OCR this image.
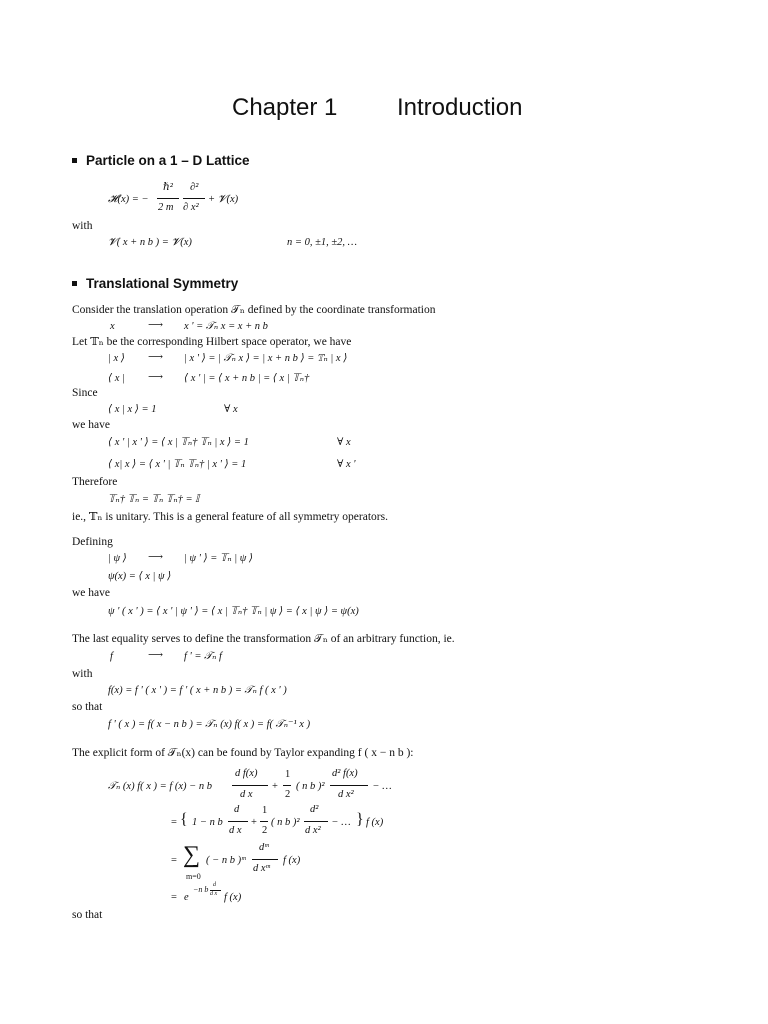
Chapter 1 Introduction
Particle on a 1 – D Lattice
𝓗(x) = −
ℏ²
2 m
∂²
∂ x²
+ 𝓥(x)
with
𝓥( x + n b ) = 𝓥(x)	n = 0, ±1, ±2, …
Translational Symmetry
Consider the translation operation 𝒯ₙ defined by the coordinate transformation
x	⟶ x ' = 𝒯ₙ x = x + n b
Let 𝕋ₙ be the corresponding Hilbert space operator, we have
| x ⟩ ⟶ | x ' ⟩ = | 𝒯ₙ x ⟩ = | x + n b ⟩ = 𝕋ₙ | x ⟩
⟨ x | ⟶ ⟨ x ' | = ⟨ x + n b | = ⟨ x | 𝕋ₙ†
Since
⟨ x | x ⟩ = 1	∀ x
we have
⟨ x ' | x ' ⟩ = ⟨ x | 𝕋ₙ† 𝕋ₙ | x ⟩ = 1	∀ x
⟨ x| x ⟩ = ⟨ x ' | 𝕋ₙ 𝕋ₙ† | x ' ⟩ = 1	∀ x '
Therefore
𝕋ₙ† 𝕋ₙ = 𝕋ₙ 𝕋ₙ† = 𝕀
ie., 𝕋ₙ is unitary. This is a general feature of all symmetry operators.
Defining
| ψ ⟩ ⟶ | ψ ' ⟩ = 𝕋ₙ | ψ ⟩
ψ(x) = ⟨ x | ψ ⟩
we have
ψ ' ( x ' ) = ⟨ x ' | ψ ' ⟩ = ⟨ x | 𝕋ₙ† 𝕋ₙ | ψ ⟩ = ⟨ x | ψ ⟩ = ψ(x)
The last equality serves to define the transformation 𝒯ₙ of an arbitrary function, ie.
f	⟶ f ' = 𝒯ₙ f
with
f(x) = f ' ( x ' ) = f ' ( x + n b ) = 𝒯ₙ f ( x ' )
so that
f ' ( x ) = f( x − n b ) = 𝒯ₙ (x) f( x ) = f( 𝒯ₙ⁻¹ x )
The explicit form of 𝒯ₙ(x) can be found by Taylor expanding f ( x − n b ):
𝒯ₙ (x) f( x ) = f (x) − n b
d f(x)
d x
+
1
2
( n b )²
d² f(x)
d x²
− …
= { 1 − n b
d
d x
+
1
2
( n b )²
d²
d x²
− … } f (x)
= ∑
m=0
( − n b )ᵐ
dᵐ
d xᵐ
f (x)
= e
−n b d
d x f (x)
so that
